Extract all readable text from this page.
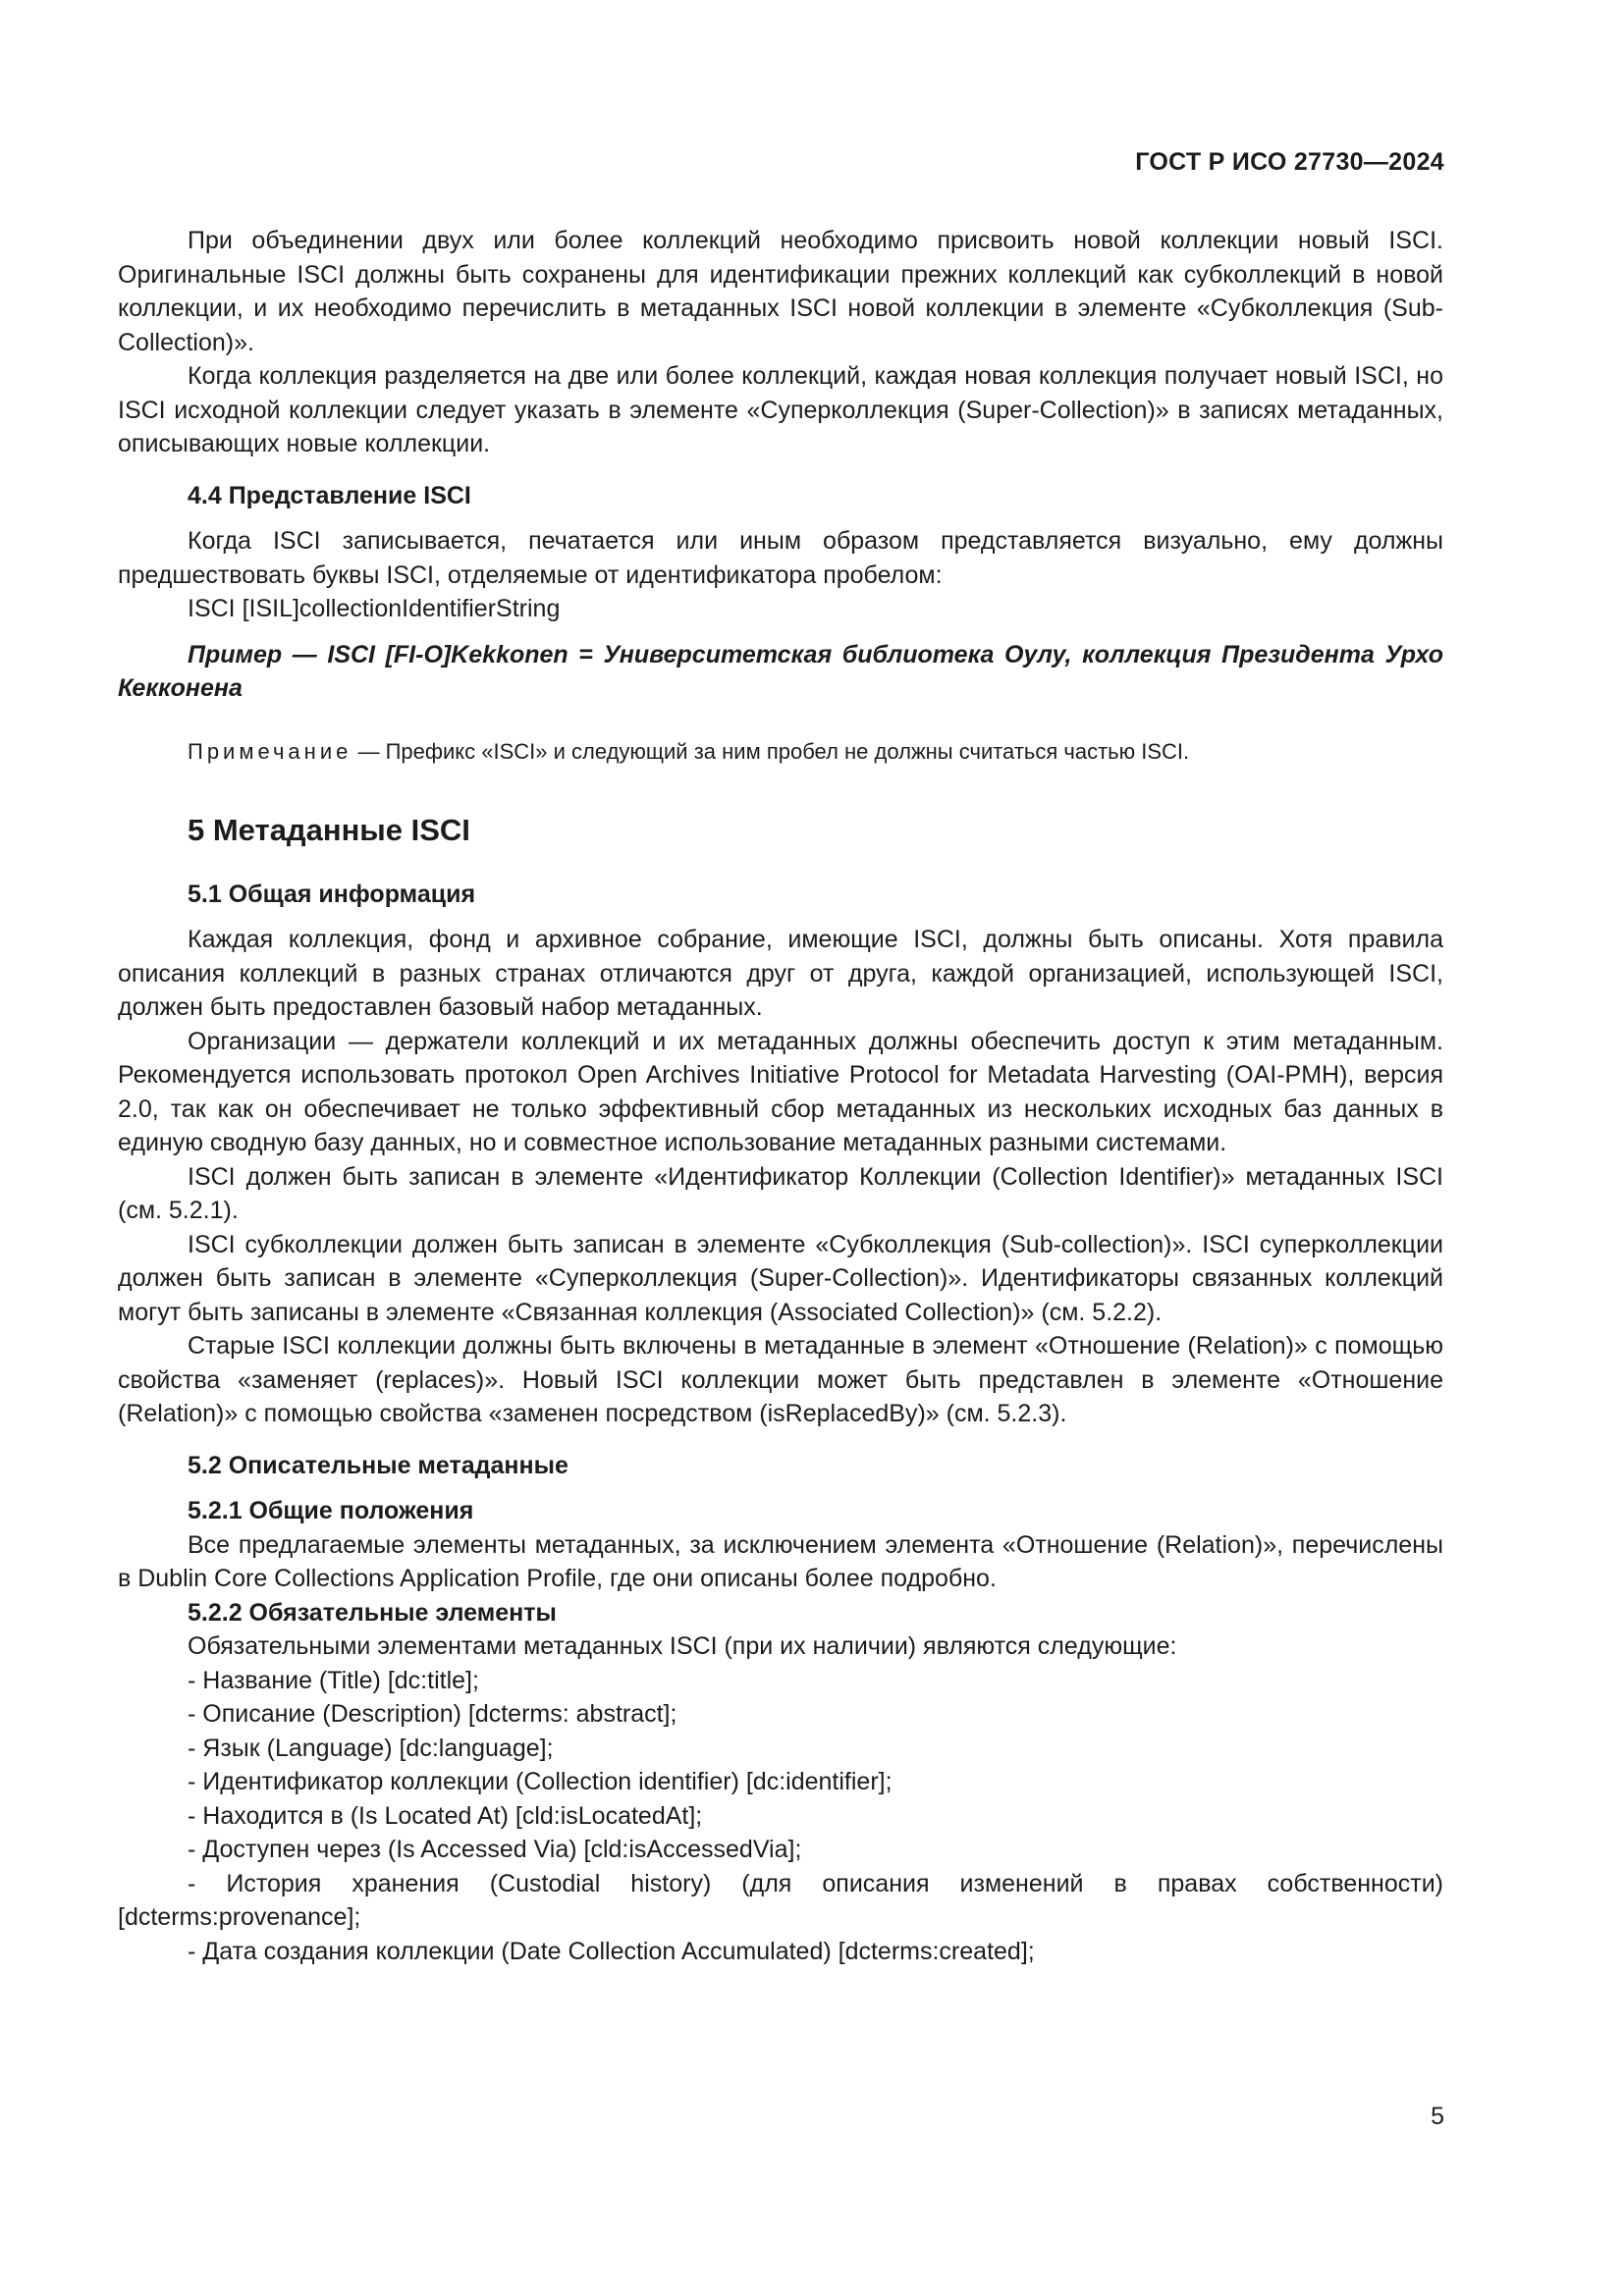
ГОСТ Р ИСО 27730—2024

При объединении двух или более коллекций необходимо присвоить новой коллекции новый ISCI. Оригинальные ISCI должны быть сохранены для идентификации прежних коллекций как субколлекций в новой коллекции, и их необходимо перечислить в метаданных ISCI новой коллекции в элементе «Субколлекция (Sub-Collection)».

Когда коллекция разделяется на две или более коллекций, каждая новая коллекция получает новый ISCI, но ISCI исходной коллекции следует указать в элементе «Суперколлекция (Super-Collection)» в записях метаданных, описывающих новые коллекции.

4.4 Представление ISCI

Когда ISCI записывается, печатается или иным образом представляется визуально, ему должны предшествовать буквы ISCI, отделяемые от идентификатора пробелом:

ISCI [ISIL]collectionIdentifierString

Пример — ISCI [FI-O]Kekkonen = Университетская библиотека Оулу, коллекция Президента Урхо Кекконена

Примечание — Префикс «ISCI» и следующий за ним пробел не должны считаться частью ISCI.

5 Метаданные ISCI

5.1 Общая информация

Каждая коллекция, фонд и архивное собрание, имеющие ISCI, должны быть описаны. Хотя правила описания коллекций в разных странах отличаются друг от друга, каждой организацией, использующей ISCI, должен быть предоставлен базовый набор метаданных.

Организации — держатели коллекций и их метаданных должны обеспечить доступ к этим метаданным. Рекомендуется использовать протокол Open Archives Initiative Protocol for Metadata Harvesting (OAI-PMH), версия 2.0, так как он обеспечивает не только эффективный сбор метаданных из нескольких исходных баз данных в единую сводную базу данных, но и совместное использование метаданных разными системами.

ISCI должен быть записан в элементе «Идентификатор Коллекции (Collection Identifier)» метаданных ISCI (см. 5.2.1).

ISCI субколлекции должен быть записан в элементе «Субколлекция (Sub-collection)». ISCI суперколлекции должен быть записан в элементе «Суперколлекция (Super-Collection)». Идентификаторы связанных коллекций могут быть записаны в элементе «Связанная коллекция (Associated Collection)» (см. 5.2.2).

Старые ISCI коллекции должны быть включены в метаданные в элемент «Отношение (Relation)» с помощью свойства «заменяет (replaces)». Новый ISCI коллекции может быть представлен в элементе «Отношение (Relation)» с помощью свойства «заменен посредством (isReplacedBy)» (см. 5.2.3).

5.2 Описательные метаданные

5.2.1 Общие положения

Все предлагаемые элементы метаданных, за исключением элемента «Отношение (Relation)», перечислены в Dublin Core Collections Application Profile, где они описаны более подробно.

5.2.2 Обязательные элементы

Обязательными элементами метаданных ISCI (при их наличии) являются следующие:

- Название (Title) [dc:title];

- Описание (Description) [dcterms: abstract];

- Язык (Language) [dc:language];

- Идентификатор коллекции (Collection identifier) [dc:identifier];

- Находится в (Is Located At) [cld:isLocatedAt];

- Доступен через (Is Accessed Via) [cld:isAccessedVia];

- История хранения (Custodial history) (для описания изменений в правах собственности) [dcterms:provenance];

- Дата создания коллекции (Date Collection Accumulated) [dcterms:created];

5
